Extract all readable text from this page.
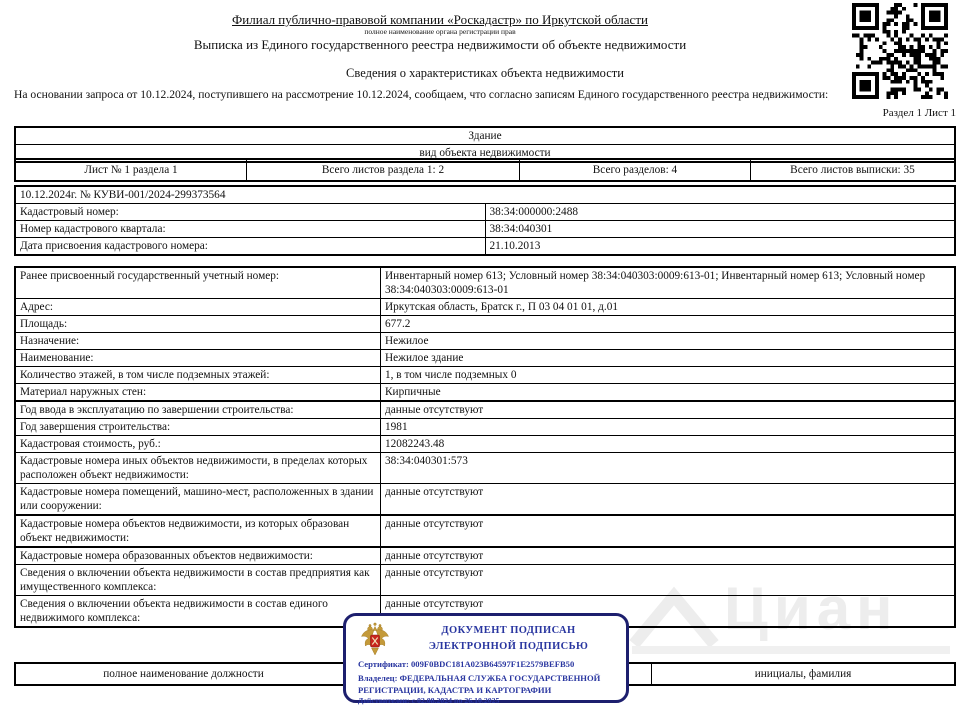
Циан
Филиал публично-правовой компании «Роскадастр» по Иркутской области
полное наименование органа регистрации прав
Выписка из Единого государственного реестра недвижимости об объекте недвижимости
Сведения о характеристиках объекта недвижимости
На основании запроса от 10.12.2024, поступившего на рассмотрение 10.12.2024, сообщаем, что согласно записям Единого государственного реестра недвижимости:
Раздел 1 Лист 1
Здание
вид объекта недвижимости
Лист № 1 раздела 1	Всего листов раздела 1: 2	Всего разделов: 4	Всего листов выписки: 35
10.12.2024г. № КУВИ-001/2024-299373564	
Кадастровый номер:	38:34:000000:2488
Номер кадастрового квартала:	38:34:040301
Дата присвоения кадастрового номера:	21.10.2013
Ранее присвоенный государственный учетный номер:	Инвентарный номер 613; Условный номер 38:34:040303:0009:613-01; Инвентарный номер 613; Условный номер 38:34:040303:0009:613-01
Адрес:	Иркутская область, Братск г., П 03 04 01 01, д.01
Площадь:	677.2
Назначение:	Нежилое
Наименование:	Нежилое здание
Количество этажей, в том числе подземных этажей:	1, в том числе подземных 0
Материал наружных стен:	Кирпичные
Год ввода в эксплуатацию по завершении строительства:	данные отсутствуют
Год завершения строительства:	1981
Кадастровая стоимость, руб.:	12082243.48
Кадастровые номера иных объектов недвижимости, в пределах которых расположен объект недвижимости:	38:34:040301:573
Кадастровые номера помещений, машино-мест, расположенных в здании или сооружении:	данные отсутствуют
Кадастровые номера объектов недвижимости, из которых образован объект недвижимости:	данные отсутствуют
Кадастровые номера образованных объектов недвижимости:	данные отсутствуют
Сведения о включении объекта недвижимости в состав предприятия как имущественного комплекса:	данные отсутствуют
Сведения о включении объекта недвижимости в состав единого недвижимого комплекса:	данные отсутствуют
полное наименование должности		инициалы, фамилия
ДОКУМЕНТ ПОДПИСАН
ЭЛЕКТРОННОЙ ПОДПИСЬЮ
Сертификат: 009F0BDC181A023B64597F1E2579BEFB50
Владелец: ФЕДЕРАЛЬНАЯ СЛУЖБА ГОСУДАРСТВЕННОЙ РЕГИСТРАЦИИ, КАДАСТРА И КАРТОГРАФИИ
Действителен: с 02.08.2024 по 26.10.2025
